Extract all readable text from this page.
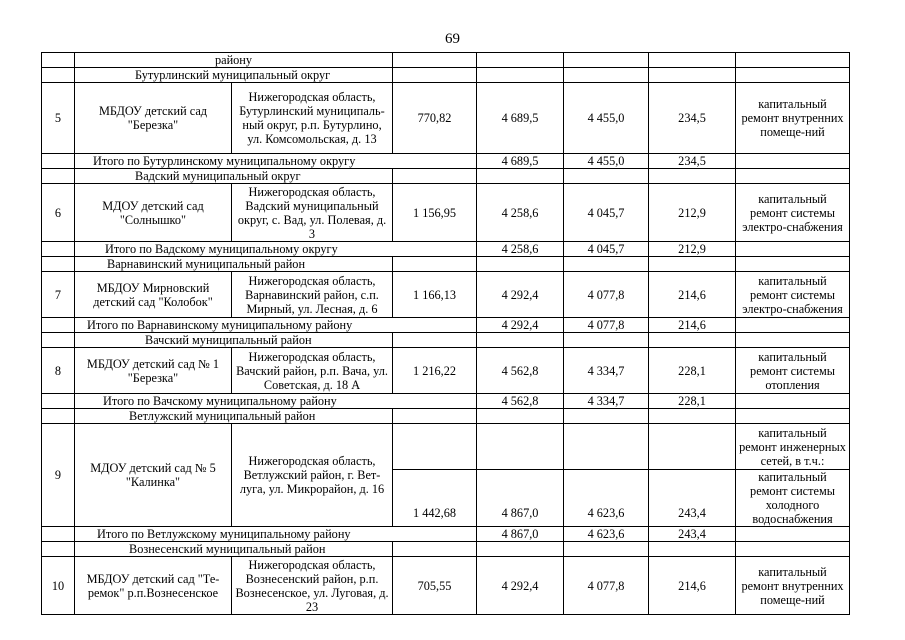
69
	району						
	Бутурлинский муниципальный округ						
5	МБДОУ детский сад "Березка"	Нижегородская область, Бутурлинский муниципаль-ный округ, р.п. Бутурлино, ул. Комсомольская, д. 13	770,82	4 689,5	4 455,0	234,5	капитальный ремонт внутренних помеще-ний
	Итого по Бутурлинскому муниципальному округу			4 689,5	4 455,0	234,5	
	Вадский муниципальный округ						
6	МДОУ детский сад "Солнышко"	Нижегородская область, Вадский муниципальный округ, с. Вад, ул. Полевая, д. 3	1 156,95	4 258,6	4 045,7	212,9	капитальный ремонт системы электро-снабжения
	Итого по Вадскому муниципальному округу			4 258,6	4 045,7	212,9	
	Варнавинский муниципальный район						
7	МБДОУ Мирновский детский сад "Колобок"	Нижегородская область, Варнавинский район, с.п. Мирный, ул. Лесная, д. 6	1 166,13	4 292,4	4 077,8	214,6	капитальный ремонт системы электро-снабжения
	Итого по Варнавинскому муниципальному району			4 292,4	4 077,8	214,6	
	Вачский муниципальный район						
8	МБДОУ детский сад № 1 "Березка"	Нижегородская область, Вачский район, р.п. Вача, ул. Советская, д. 18 А	1 216,22	4 562,8	4 334,7	228,1	капитальный ремонт системы отопления
	Итого по Вачскому муниципальному району			4 562,8	4 334,7	228,1	
	Ветлужский муниципальный район						
9	МДОУ детский сад № 5 "Калинка"	Нижегородская область, Ветлужский район, г. Вет-луга, ул. Микрорайон, д. 16					капитальный ремонт инженерных сетей, в т.ч.:
			1 442,68	4 867,0	4 623,6	243,4	капитальный ремонт системы холодного водоснабжения
	Итого по Ветлужскому муниципальному району			4 867,0	4 623,6	243,4	
	Вознесенский муниципальный район						
10	МБДОУ детский сад "Те-ремок" р.п.Вознесенское	Нижегородская область, Вознесенский район, р.п. Вознесенское, ул. Луговая, д. 23	705,55	4 292,4	4 077,8	214,6	капитальный ремонт внутренних помеще-ний
